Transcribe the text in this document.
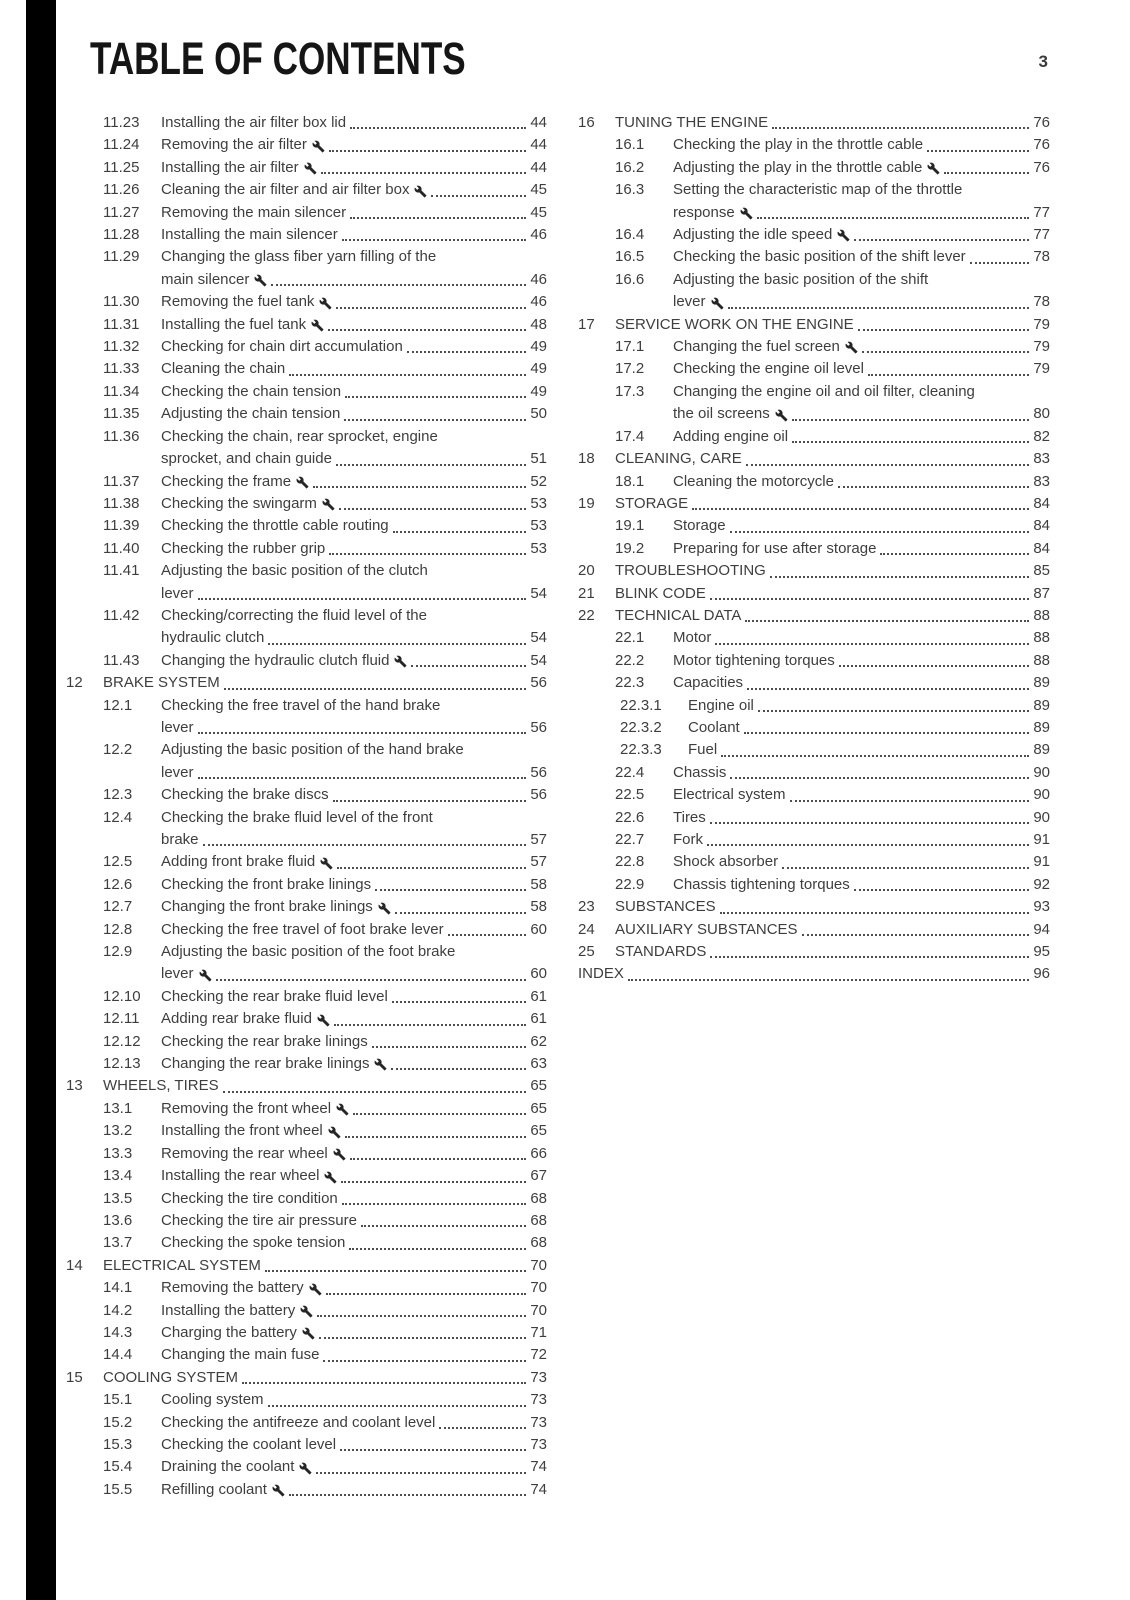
TABLE OF CONTENTS	3
11.23	Installing the air filter box lid	44
11.24	Removing the air filter	44
11.25	Installing the air filter	44
11.26	Cleaning the air filter and air filter box	45
11.27	Removing the main silencer	45
11.28	Installing the main silencer	46
11.29	Changing the glass fiber yarn filling of the
main silencer	46
11.30	Removing the fuel tank	46
11.31	Installing the fuel tank	48
11.32	Checking for chain dirt accumulation	49
11.33	Cleaning the chain	49
11.34	Checking the chain tension	49
11.35	Adjusting the chain tension	50
11.36	Checking the chain, rear sprocket, engine
sprocket, and chain guide	51
11.37	Checking the frame	52
11.38	Checking the swingarm	53
11.39	Checking the throttle cable routing	53
11.40	Checking the rubber grip	53
11.41	Adjusting the basic position of the clutch
lever	54
11.42	Checking/correcting the fluid level of the
hydraulic clutch	54
11.43	Changing the hydraulic clutch fluid	54
12	BRAKE SYSTEM	56
12.1	Checking the free travel of the hand brake
lever	56
12.2	Adjusting the basic position of the hand brake
lever	56
12.3	Checking the brake discs	56
12.4	Checking the brake fluid level of the front
brake	57
12.5	Adding front brake fluid	57
12.6	Checking the front brake linings	58
12.7	Changing the front brake linings	58
12.8	Checking the free travel of foot brake lever	60
12.9	Adjusting the basic position of the foot brake
lever	60
12.10	Checking the rear brake fluid level	61
12.11	Adding rear brake fluid	61
12.12	Checking the rear brake linings	62
12.13	Changing the rear brake linings	63
13	WHEELS, TIRES	65
13.1	Removing the front wheel	65
13.2	Installing the front wheel	65
13.3	Removing the rear wheel	66
13.4	Installing the rear wheel	67
13.5	Checking the tire condition	68
13.6	Checking the tire air pressure	68
13.7	Checking the spoke tension	68
14	ELECTRICAL SYSTEM	70
14.1	Removing the battery	70
14.2	Installing the battery	70
14.3	Charging the battery	71
14.4	Changing the main fuse	72
15	COOLING SYSTEM	73
15.1	Cooling system	73
15.2	Checking the antifreeze and coolant level	73
15.3	Checking the coolant level	73
15.4	Draining the coolant	74
15.5	Refilling coolant	74
16	TUNING THE ENGINE	76
16.1	Checking the play in the throttle cable	76
16.2	Adjusting the play in the throttle cable	76
16.3	Setting the characteristic map of the throttle
response	77
16.4	Adjusting the idle speed	77
16.5	Checking the basic position of the shift lever	78
16.6	Adjusting the basic position of the shift
lever	78
17	SERVICE WORK ON THE ENGINE	79
17.1	Changing the fuel screen	79
17.2	Checking the engine oil level	79
17.3	Changing the engine oil and oil filter, cleaning
the oil screens	80
17.4	Adding engine oil	82
18	CLEANING, CARE	83
18.1	Cleaning the motorcycle	83
19	STORAGE	84
19.1	Storage	84
19.2	Preparing for use after storage	84
20	TROUBLESHOOTING	85
21	BLINK CODE	87
22	TECHNICAL DATA	88
22.1	Motor	88
22.2	Motor tightening torques	88
22.3	Capacities	89
22.3.1	Engine oil	89
22.3.2	Coolant	89
22.3.3	Fuel	89
22.4	Chassis	90
22.5	Electrical system	90
22.6	Tires	90
22.7	Fork	91
22.8	Shock absorber	91
22.9	Chassis tightening torques	92
23	SUBSTANCES	93
24	AUXILIARY SUBSTANCES	94
25	STANDARDS	95
INDEX	96
